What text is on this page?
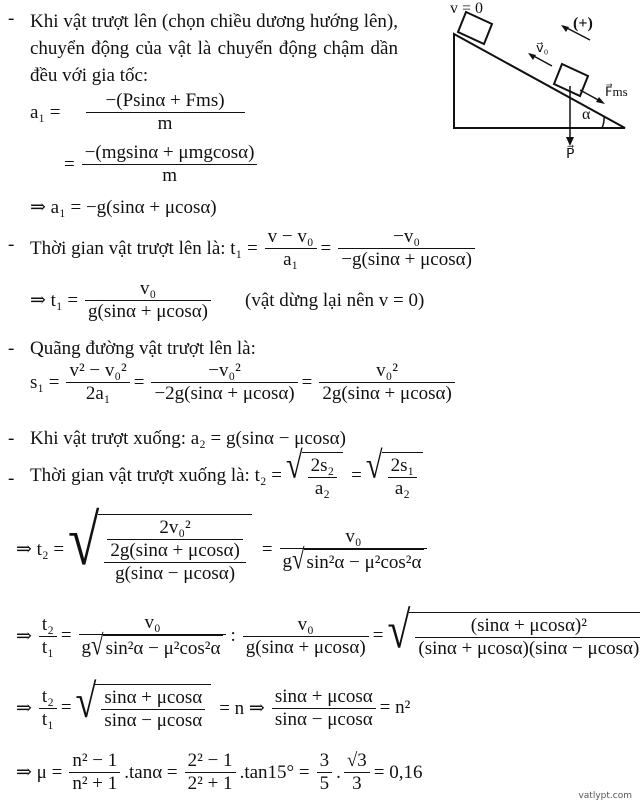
- Khi vật trượt lên (chọn chiều dương hướng lên), chuyển động của vật là chuyển động chậm dần đều với gia tốc:
v = 0
(+)
v⃗₀
F⃗ms
α
P⃗
$a_1 = \frac{\text{−(Psinα + Fms)}}{m}$
= $\frac{\text{−(mgsinα + μmgcosα)}}{m}$
⇒ a₁ = −g(sinα + μcosα)
- Thời gian vật trượt lên là: $t_1 = \frac{\text{v − v₀}}{\text{a₁}} = \frac{\text{−v₀}}{-g(\sin\alpha + \mu\cos\alpha)}$
⇒ $t_1 = \frac{\text{v₀}}{g(\sin\alpha + \mu\cos\alpha)}$ (vật dừng lại nên v = 0)
- Quãng đường vật trượt lên là:
$s_1 = \frac{\text{v² − v₀²}}{\text{2a₁}} = \frac{\text{−v₀²}}{-2g(\sin\alpha + \mu\cos\alpha)} = \frac{\text{v₀²}}{2g(\sin\alpha + \mu\cos\alpha)}$
- Khi vật trượt xuống: a₂ = g(sinα − μcosα)
- Thời gian vật trượt xuống là: t₂ = √ $\frac{\text{2s₂}}{\text{a₂}}$ = √ $\frac{\text{2s₁}}{\text{a₂}}$
⇒ t₂ = √ $\frac{\frac{\text{2v₀²}}{2g(\sin\alpha + \mu\cos\alpha)}}{g(\sin\alpha - \mu\cos\alpha)} = \frac{\text{v₀}}{\text{g √ sin²α − μ²cos²α}}$
⇒ $\frac{\text{t₂}}{\text{t₁}} = \frac{\text{v₀}}{\text{g √ sin²α − μ²cos²α}}$ : $\frac{\text{v₀}}{g(\sin\alpha + \mu\cos\alpha)}$ = √ $\frac{\text{(sinα + μcosα)²}}{(\sin\alpha + \mu\cos\alpha)(\sin\alpha - \mu\cos\alpha)}$
⇒ $\frac{\text{t₂}}{\text{t₁}}$ = √ $\frac{\sin\alpha + \mu\cos\alpha}{\sin\alpha - \mu\cos\alpha} = n$ ⇒ $\frac{\sin\alpha + \mu\cos\alpha}{\sin\alpha - \mu\cos\alpha} = n^2$
⇒ $\mu = \frac{\text{n² − 1}}{\text{n² + 1}} .\tan\alpha = \frac{\text{2² − 1}}{\text{2² + 1}} .\tan 15^\circ = \frac{3}{5}$ . $\frac{√3}{3} = 0,16$
vatlypt.com
